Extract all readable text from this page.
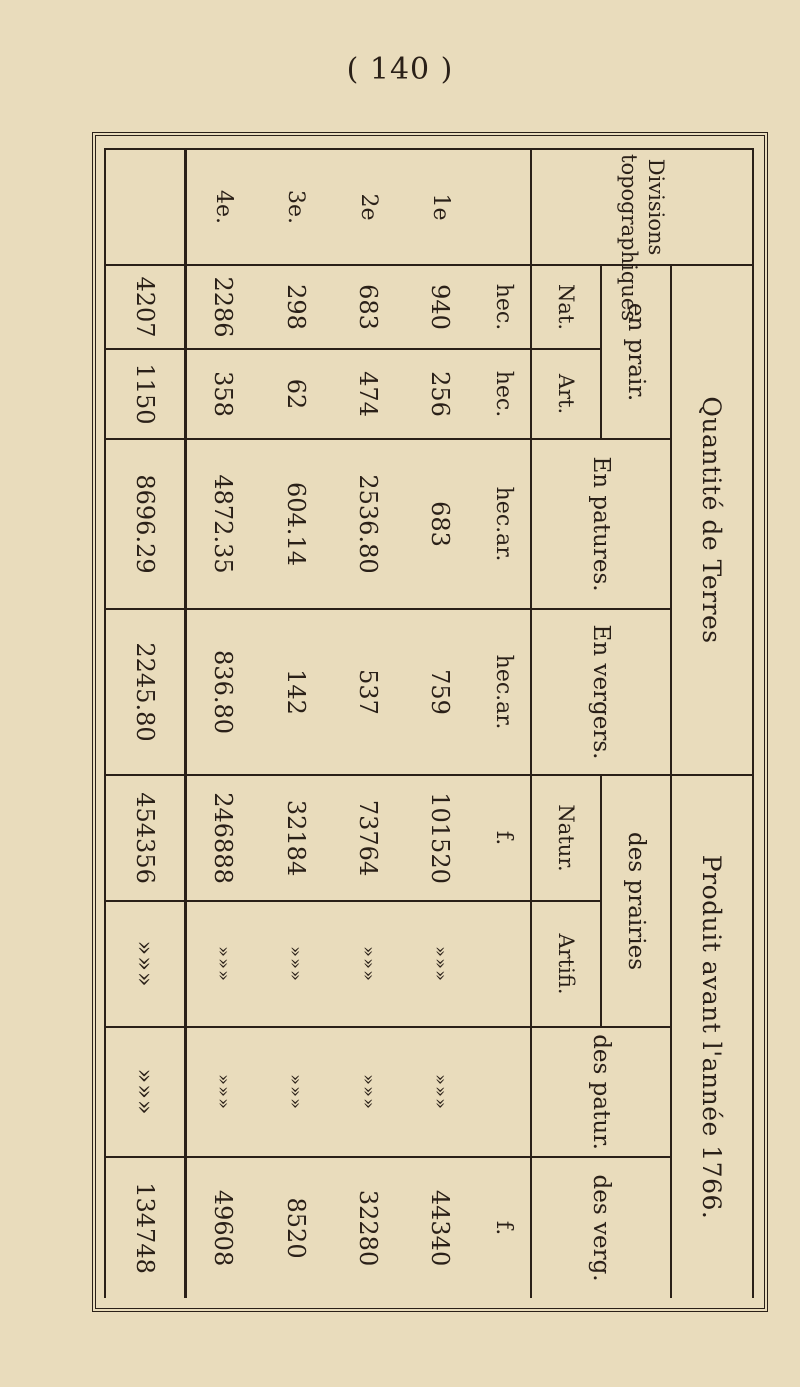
( 140 )
Divisions topographiques	Quantité de Terres				Produit avant l'année 1766.			
	en prair.		En patures.	En vergers.	des prairies		des patur.	des verg.
	Nat.	Art.			Natur.	Artifi.		
	hec.	hec.	hec.ar.	hec.ar.	f.			f.
1e	940	256	683	759	101520	»»»	»»»	44340
2e	683	474	2536.80	537	73764	»»»	»»»	32280
3e.	298	62	604.14	142	32184	»»»	»»»	8520
4e.	2286	358	4872.35	836.80	246888	»»»	»»»	49608
	4207	1150	8696.29	2245.80	454356	»»»	»»»	134748
